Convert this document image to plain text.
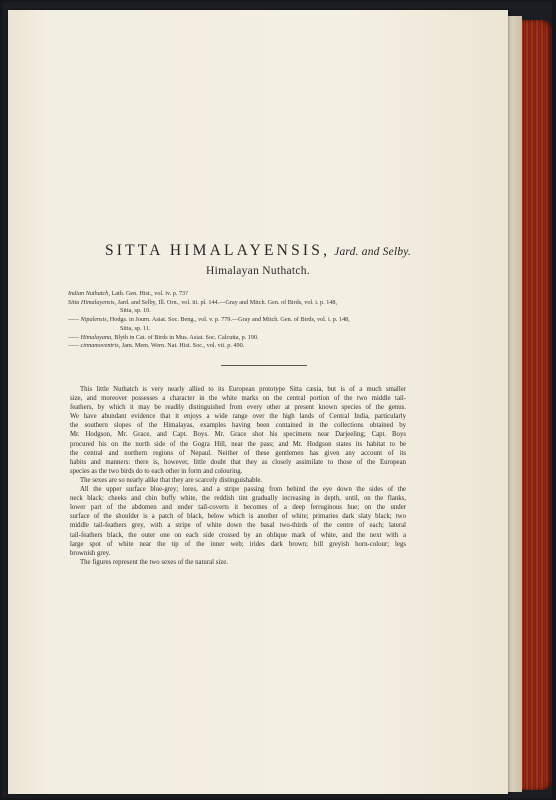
SITTA HIMALAYENSIS, Jard. and Selby.
Himalayan Nuthatch.
Indian Nuthatch, Lath. Gen. Hist., vol. iv. p. 73?
Sitta Himalayensis, Jard. and Selby, Ill. Orn., vol. iii. pl. 144.—Gray and Mitch. Gen. of Birds, vol. i. p. 148,
Sitta, sp. 10.
—— Nipalensis, Hodgs. in Journ. Asiat. Soc. Beng., vol. v. p. 779.—Gray and Mitch. Gen. of Birds, vol. i. p. 148,
Sitta, sp. 11.
—— Himalayana, Blyth in Cat. of Birds in Mus. Asiat. Soc. Calcutta, p. 190.
—— cinnamoventris, Jam. Mem. Wern. Nat. Hist. Soc., vol. vii. p. 490.
This little Nuthatch is very nearly allied to its European prototype Sitta cæsia, but is of a much smaller
size, and moreover possesses a character in the white marks on the central portion of the two middle tail-
feathers, by which it may be readily distinguished from every other at present known species of the genus.
We have abundant evidence that it enjoys a wide range over the high lands of Central India, particularly
the southern slopes of the Himalayas, examples having been contained in the collections obtained by
Mr. Hodgson, Mr. Grace, and Capt. Boys. Mr. Grace shot his specimens near Darjeeling; Capt. Boys
procured his on the north side of the Gogra Hill, near the pass; and Mr. Hodgson states its habitat to be
the central and northern regions of Nepaul. Neither of these gentlemen has given any account of its
habits and manners: there is, however, little doubt that they as closely assimilate to those of the European
species as the two birds do to each other in form and colouring.
The sexes are so nearly alike that they are scarcely distinguishable.
All the upper surface blue-grey; lores, and a stripe passing from behind the eye down the sides of the
neck black; cheeks and chin buffy white, the reddish tint gradually increasing in depth, until, on the flanks,
lower part of the abdomen and under tail-coverts it becomes of a deep ferruginous hue; on the under
surface of the shoulder is a patch of black, below which is another of white; primaries dark slaty black; two
middle tail-feathers grey, with a stripe of white down the basal two-thirds of the centre of each; lateral
tail-feathers black, the outer one on each side crossed by an oblique mark of white, and the next with a
large spot of white near the tip of the inner web; irides dark brown; bill greyish horn-colour; legs
brownish grey.
The figures represent the two sexes of the natural size.
